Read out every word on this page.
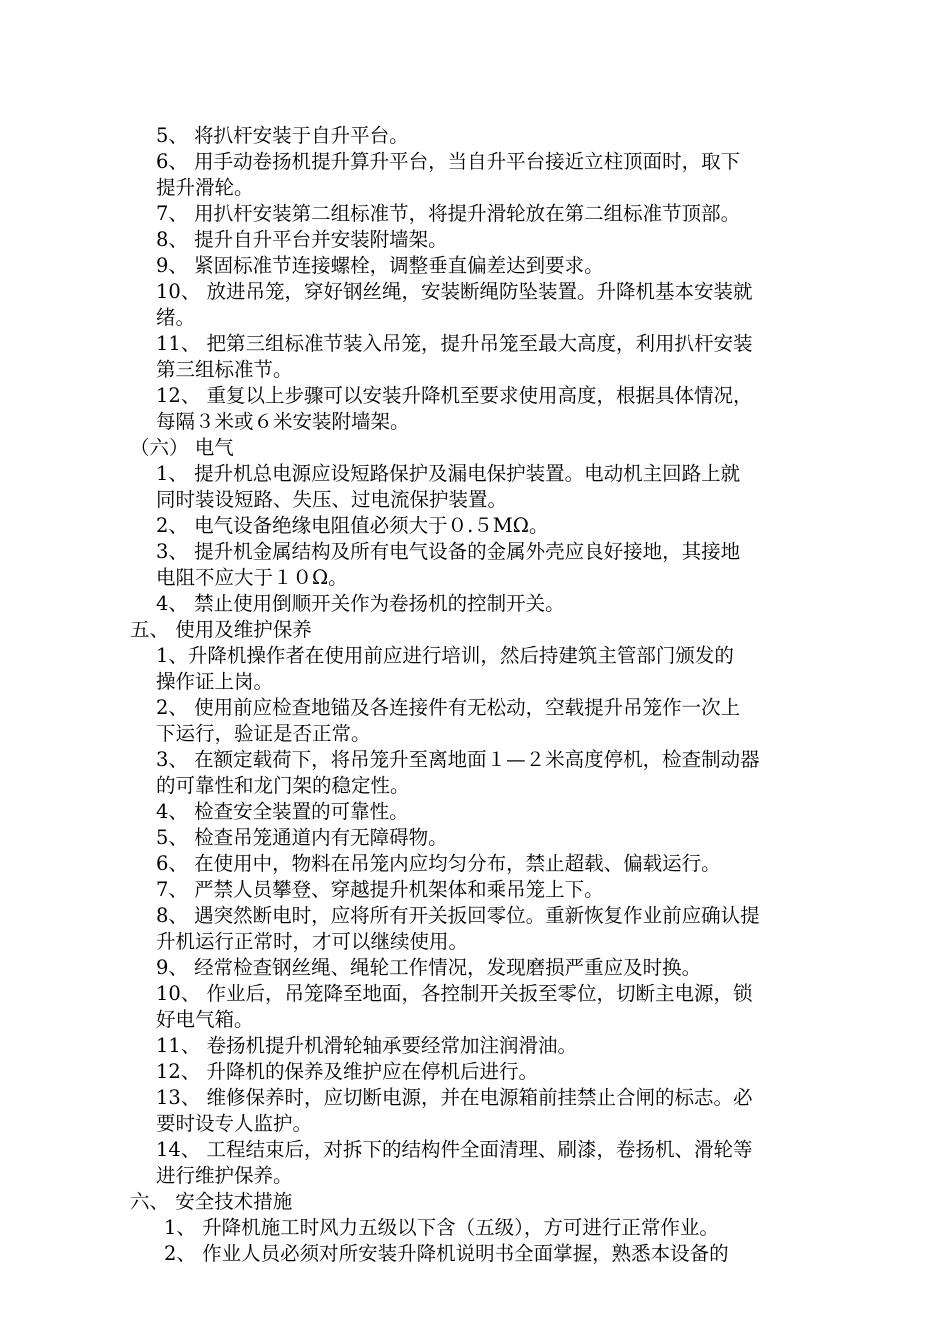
5、 将扒杆安装于自升平台。
6、 用手动卷扬机提升算升平台，当自升平台接近立柱顶面时，取下
提升滑轮。
7、 用扒杆安装第二组标准节，将提升滑轮放在第二组标准节顶部。
8、 提升自升平台并安装附墙架。
9、 紧固标准节连接螺栓，调整垂直偏差达到要求。
10、 放进吊笼，穿好钢丝绳，安装断绳防坠装置。升降机基本安装就
绪。
11、 把第三组标准节装入吊笼，提升吊笼至最大高度，利用扒杆安装
第三组标准节。
12、 重复以上步骤可以安装升降机至要求使用高度，根据具体情况，
每隔３米或６米安装附墙架。
（六） 电气
1、 提升机总电源应设短路保护及漏电保护装置。电动机主回路上就
同时装设短路、失压、过电流保护装置。
2、 电气设备绝缘电阻值必须大于０.５MΩ。
3、 提升机金属结构及所有电气设备的金属外壳应良好接地，其接地
电阻不应大于１０Ω。
4、 禁止使用倒顺开关作为卷扬机的控制开关。
五、 使用及维护保养
1、升降机操作者在使用前应进行培训，然后持建筑主管部门颁发的
操作证上岗。
2、 使用前应检查地锚及各连接件有无松动，空载提升吊笼作一次上
下运行，验证是否正常。
3、 在额定载荷下，将吊笼升至离地面１—２米高度停机，检查制动器
的可靠性和龙门架的稳定性。
4、 检查安全装置的可靠性。
5、 检查吊笼通道内有无障碍物。
6、 在使用中，物料在吊笼内应均匀分布，禁止超载、偏载运行。
7、 严禁人员攀登、穿越提升机架体和乘吊笼上下。
8、 遇突然断电时，应将所有开关扳回零位。重新恢复作业前应确认提
升机运行正常时，才可以继续使用。
9、 经常检查钢丝绳、绳轮工作情况，发现磨损严重应及时换。
10、 作业后，吊笼降至地面，各控制开关扳至零位，切断主电源，锁
好电气箱。
11、 卷扬机提升机滑轮轴承要经常加注润滑油。
12、 升降机的保养及维护应在停机后进行。
13、 维修保养时，应切断电源，并在电源箱前挂禁止合闸的标志。必
要时设专人监护。
14、 工程结束后，对拆下的结构件全面清理、刷漆，卷扬机、滑轮等
进行维护保养。
六、 安全技术措施
1、 升降机施工时风力五级以下含（五级），方可进行正常作业。
2、 作业人员必须对所安装升降机说明书全面掌握，熟悉本设备的
